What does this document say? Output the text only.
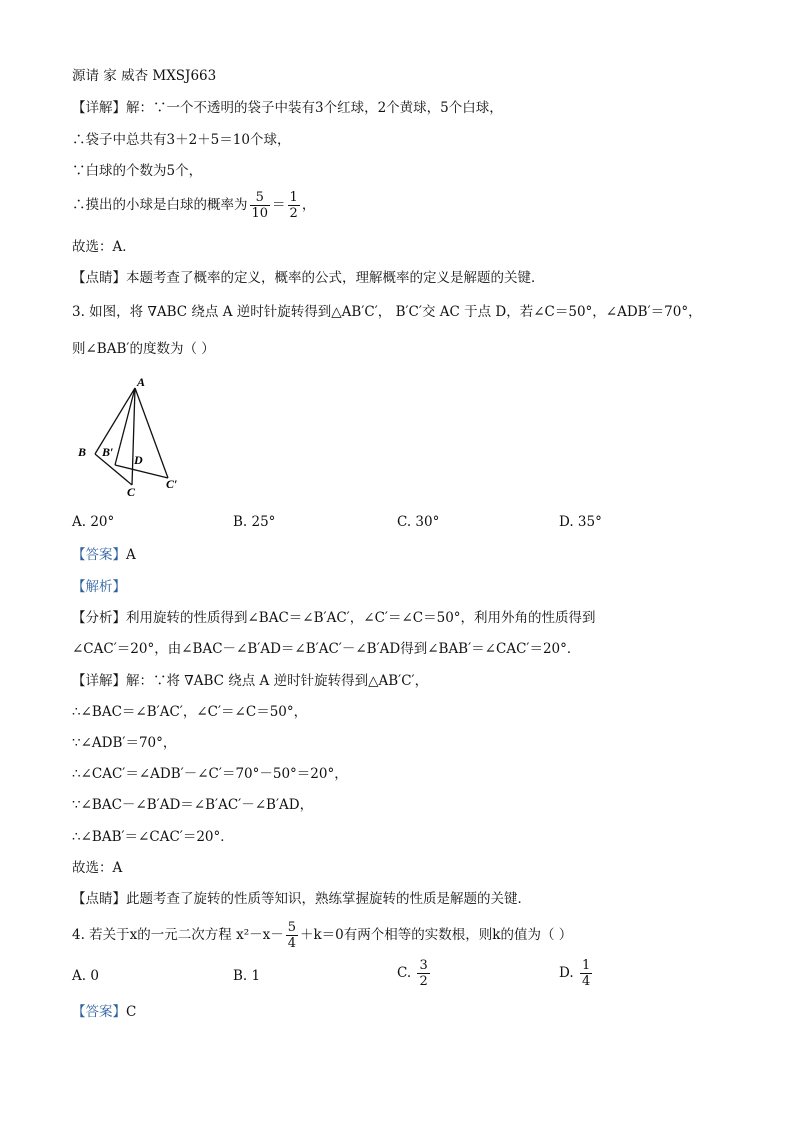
源请 家 威杏 MXSJ663
【详解】解：∵一个不透明的袋子中装有3个红球，2个黄球，5个白球，
∴袋子中总共有3＋2＋5＝10个球，
∵白球的个数为5个，
∴摸出的小球是白球的概率为 $\frac{5}{10} = \frac{1}{2}$ ，
故选：A．
【点睛】本题考查了概率的定义，概率的公式，理解概率的定义是解题的关键．
3. 如图，将 ∇ABC 绕点 A 逆时针旋转得到△AB′C′， B′C′交 AC 于点 D，若∠C＝50°，∠ADB′＝70°，
则∠BAB′的度数为（ ）
A
B B′
D
C
C′
A. 20°	B. 25°	C. 30°	D. 35°
【答案】A
【解析】
【分析】利用旋转的性质得到∠BAC＝∠B′AC′，∠C′＝∠C＝50°，利用外角的性质得到
∠CAC′＝20°，由∠BAC－∠B′AD＝∠B′AC′－∠B′AD得到∠BAB′＝∠CAC′＝20°．
【详解】解：∵将 ∇ABC 绕点 A 逆时针旋转得到△AB′C′，
∴∠BAC＝∠B′AC′，∠C′＝∠C＝50°，
∵∠ADB′＝70°，
∴∠CAC′＝∠ADB′－∠C′＝70°－50°＝20°，
∵∠BAC－∠B′AD＝∠B′AC′－∠B′AD，
∴∠BAB′＝∠CAC′＝20°．
故选：A
【点睛】此题考查了旋转的性质等知识，熟练掌握旋转的性质是解题的关键．
4. 若关于x的一元二次方程 $x^2-x- \frac{5}{4} +k=0$有两个相等的实数根，则k的值为（ ）
A. 0	B. 1	C. $\frac{3}{2}$	D. $\frac{1}{4}$
【答案】C
